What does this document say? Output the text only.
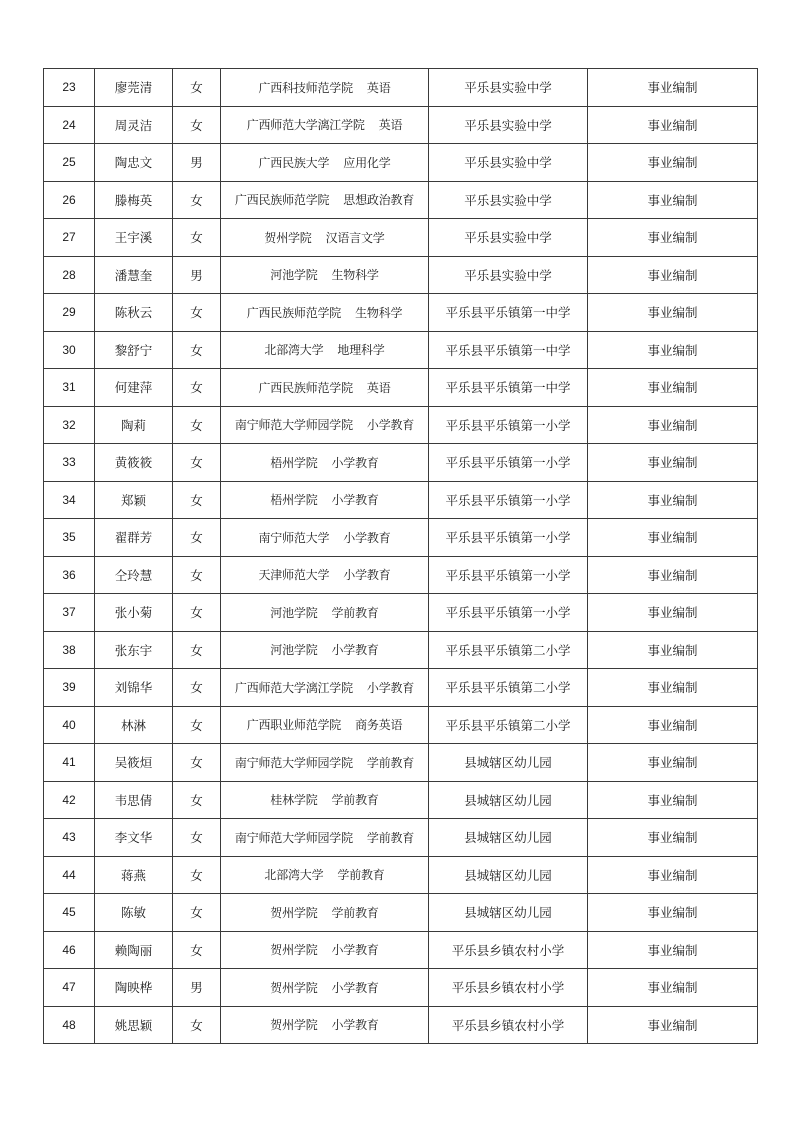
23	廖莞清	女	广西科技师范学院 英语	平乐县实验中学	事业编制
24	周灵洁	女	广西师范大学漓江学院 英语	平乐县实验中学	事业编制
25	陶忠文	男	广西民族大学 应用化学	平乐县实验中学	事业编制
26	滕梅英	女	广西民族师范学院 思想政治教育	平乐县实验中学	事业编制
27	王宇溪	女	贺州学院 汉语言文学	平乐县实验中学	事业编制
28	潘慧奎	男	河池学院 生物科学	平乐县实验中学	事业编制
29	陈秋云	女	广西民族师范学院 生物科学	平乐县平乐镇第一中学	事业编制
30	黎舒宁	女	北部湾大学 地理科学	平乐县平乐镇第一中学	事业编制
31	何建萍	女	广西民族师范学院 英语	平乐县平乐镇第一中学	事业编制
32	陶莉	女	南宁师范大学师园学院 小学教育	平乐县平乐镇第一小学	事业编制
33	黄筱筱	女	梧州学院 小学教育	平乐县平乐镇第一小学	事业编制
34	郑颖	女	梧州学院 小学教育	平乐县平乐镇第一小学	事业编制
35	翟群芳	女	南宁师范大学 小学教育	平乐县平乐镇第一小学	事业编制
36	仝玲慧	女	天津师范大学 小学教育	平乐县平乐镇第一小学	事业编制
37	张小菊	女	河池学院 学前教育	平乐县平乐镇第一小学	事业编制
38	张东宇	女	河池学院 小学教育	平乐县平乐镇第二小学	事业编制
39	刘锦华	女	广西师范大学漓江学院 小学教育	平乐县平乐镇第二小学	事业编制
40	林淋	女	广西职业师范学院 商务英语	平乐县平乐镇第二小学	事业编制
41	吴筱烜	女	南宁师范大学师园学院 学前教育	县城辖区幼儿园	事业编制
42	韦思倩	女	桂林学院 学前教育	县城辖区幼儿园	事业编制
43	李文华	女	南宁师范大学师园学院 学前教育	县城辖区幼儿园	事业编制
44	蒋燕	女	北部湾大学 学前教育	县城辖区幼儿园	事业编制
45	陈敏	女	贺州学院 学前教育	县城辖区幼儿园	事业编制
46	赖陶丽	女	贺州学院 小学教育	平乐县乡镇农村小学	事业编制
47	陶映桦	男	贺州学院 小学教育	平乐县乡镇农村小学	事业编制
48	姚思颖	女	贺州学院 小学教育	平乐县乡镇农村小学	事业编制
